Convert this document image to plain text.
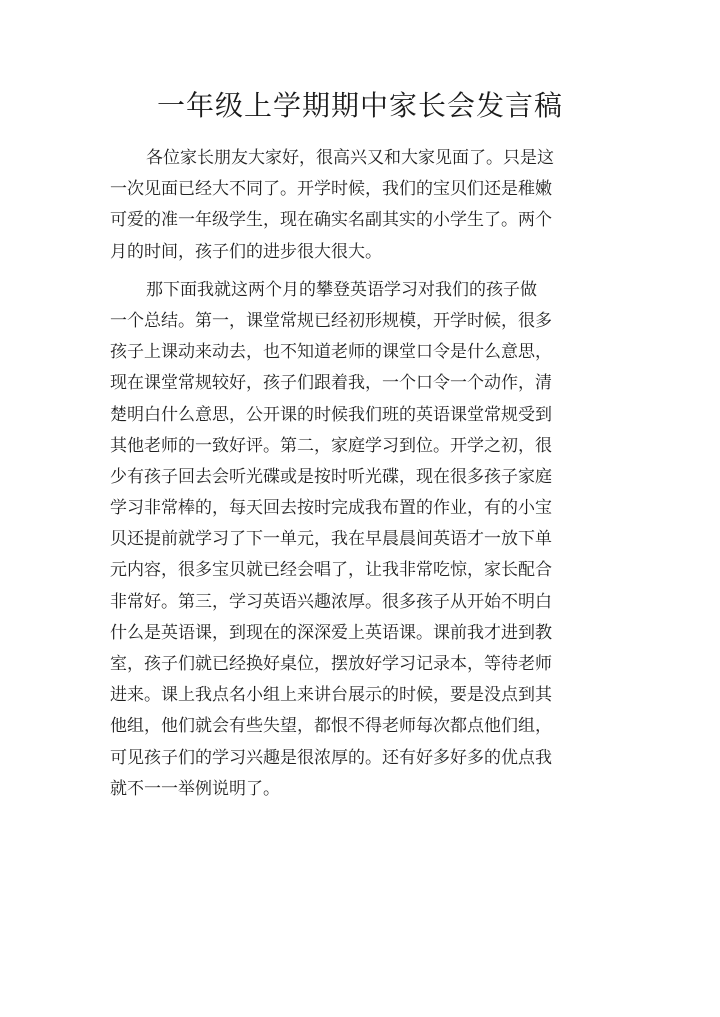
一年级上学期期中家长会发言稿
各位家长朋友大家好，很高兴又和大家见面了。只是这
一次见面已经大不同了。开学时候，我们的宝贝们还是稚嫩
可爱的准一年级学生，现在确实名副其实的小学生了。两个
月的时间，孩子们的进步很大很大。
那下面我就这两个月的攀登英语学习对我们的孩子做
一个总结。第一，课堂常规已经初形规模，开学时候，很多
孩子上课动来动去，也不知道老师的课堂口令是什么意思，
现在课堂常规较好，孩子们跟着我，一个口令一个动作，清
楚明白什么意思，公开课的时候我们班的英语课堂常规受到
其他老师的一致好评。第二，家庭学习到位。开学之初，很
少有孩子回去会听光碟或是按时听光碟，现在很多孩子家庭
学习非常棒的，每天回去按时完成我布置的作业，有的小宝
贝还提前就学习了下一单元，我在早晨晨间英语才一放下单
元内容，很多宝贝就已经会唱了，让我非常吃惊，家长配合
非常好。第三，学习英语兴趣浓厚。很多孩子从开始不明白
什么是英语课，到现在的深深爱上英语课。课前我才进到教
室，孩子们就已经换好桌位，摆放好学习记录本，等待老师
进来。课上我点名小组上来讲台展示的时候，要是没点到其
他组，他们就会有些失望，都恨不得老师每次都点他们组，
可见孩子们的学习兴趣是很浓厚的。还有好多好多的优点我
就不一一举例说明了。
